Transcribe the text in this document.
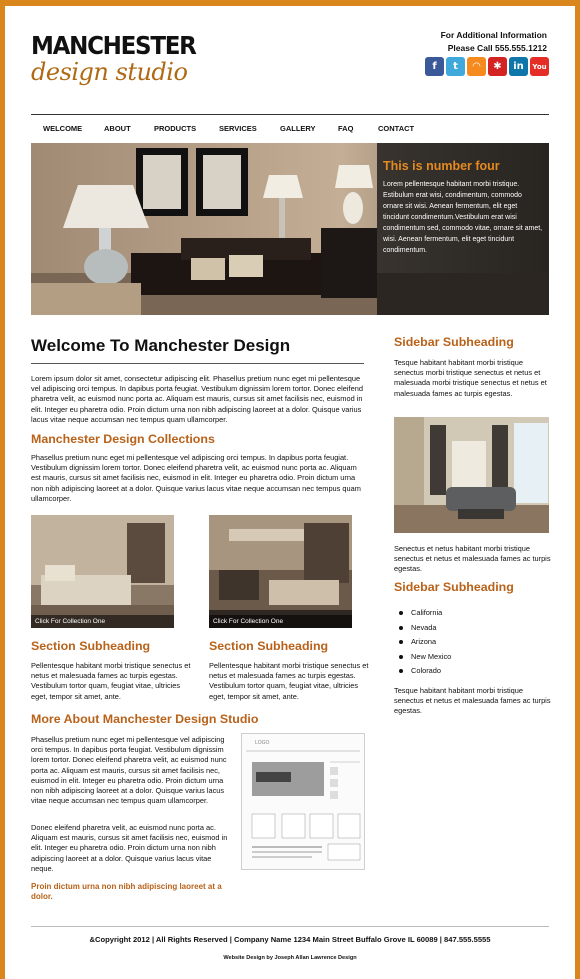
MANCHESTER
design studio
For Additional Information
Please Call 555.555.1212
f	t	◠	✱	in	You
WELCOME	ABOUT	PRODUCTS	SERVICES	GALLERY	FAQ	CONTACT
This is number four
Lorem pellentesque habitant morbi tristique. Estibulum erat wisi, condimentum, commodo ornare sit wisi. Aenean fermentum, elit eget tincidunt condimentum.Vestibulum erat wisi condimentum sed, commodo vitae, ornare sit amet, wisi. Aenean fermentum, elit eget tincidunt condimentum.
Welcome To Manchester Design
Lorem ipsum dolor sit amet, consectetur adipiscing elit. Phasellus pretium nunc eget mi pellentesque vel adipiscing orci tempus. In dapibus porta feugiat. Vestibulum dignissim lorem tortor. Donec eleifend pharetra velit, ac euismod nunc porta ac. Aliquam est mauris, cursus sit amet facilisis nec, euismod in elit. Integer eu pharetra odio. Proin dictum urna non nibh adipiscing laoreet at a dolor. Quisque varius lacus vitae neque accumsan nec tempus quam ullamcorper.
Manchester Design Collections
Phasellus pretium nunc eget mi pellentesque vel adipiscing orci tempus. In dapibus porta feugiat. Vestibulum dignissim lorem tortor. Donec eleifend pharetra velit, ac euismod nunc porta ac. Aliquam est mauris, cursus sit amet facilisis nec, euismod in elit. Integer eu pharetra odio. Proin dictum urna non nibh adipiscing laoreet at a dolor. Quisque varius lacus vitae neque accumsan nec tempus quam ullamcorper.
Click For Collection One	Click For Collection One
Section Subheading
Pellentesque habitant morbi tristique senectus et netus et malesuada fames ac turpis egestas. Vestibulum tortor quam, feugiat vitae, ultricies eget, tempor sit amet, ante.
Section Subheading
Pellentesque habitant morbi tristique senectus et netus et malesuada fames ac turpis egestas. Vestibulum tortor quam, feugiat vitae, ultricies eget, tempor sit amet, ante.
More About Manchester Design Studio
Phasellus pretium nunc eget mi pellentesque vel adipiscing orci tempus. In dapibus porta feugiat. Vestibulum dignissim lorem tortor. Donec eleifend pharetra velit, ac euismod nunc porta ac. Aliquam est mauris, cursus sit amet facilisis nec, euismod in elit. Integer eu pharetra odio. Proin dictum urna non nibh adipiscing laoreet at a dolor. Quisque varius lacus vitae neque accumsan nec tempus quam ullamcorper.
Donec eleifend pharetra velit, ac euismod nunc porta ac. Aliquam est mauris, cursus sit amet facilisis nec, euismod in elit. Integer eu pharetra odio. Proin dictum urna non nibh adipiscing laoreet at a dolor. Quisque varius lacus vitae neque.
Proin dictum urna non nibh adipiscing laoreet at a dolor.
LOGO
Sidebar Subheading
Tesque habitant habitant morbi tristique senectus morbi tristique senectus et netus et malesuada morbi tristique senectus et netus et malesuada fames ac turpis egestas.
Senectus et netus habitant morbi tristique senectus et netus et malesuada fames ac turpis egestas.
Sidebar Subheading
California
Nevada
Arizona
New Mexico
Colorado
Tesque habitant habitant morbi tristique senectus et netus et malesuada fames ac turpis egestas.
&Copyright 2012 | All Rights Reserved | Company Name 1234 Main Street Buffalo Grove IL 60089 | 847.555.5555
Website Design by Joseph Allan Lawrence Design
